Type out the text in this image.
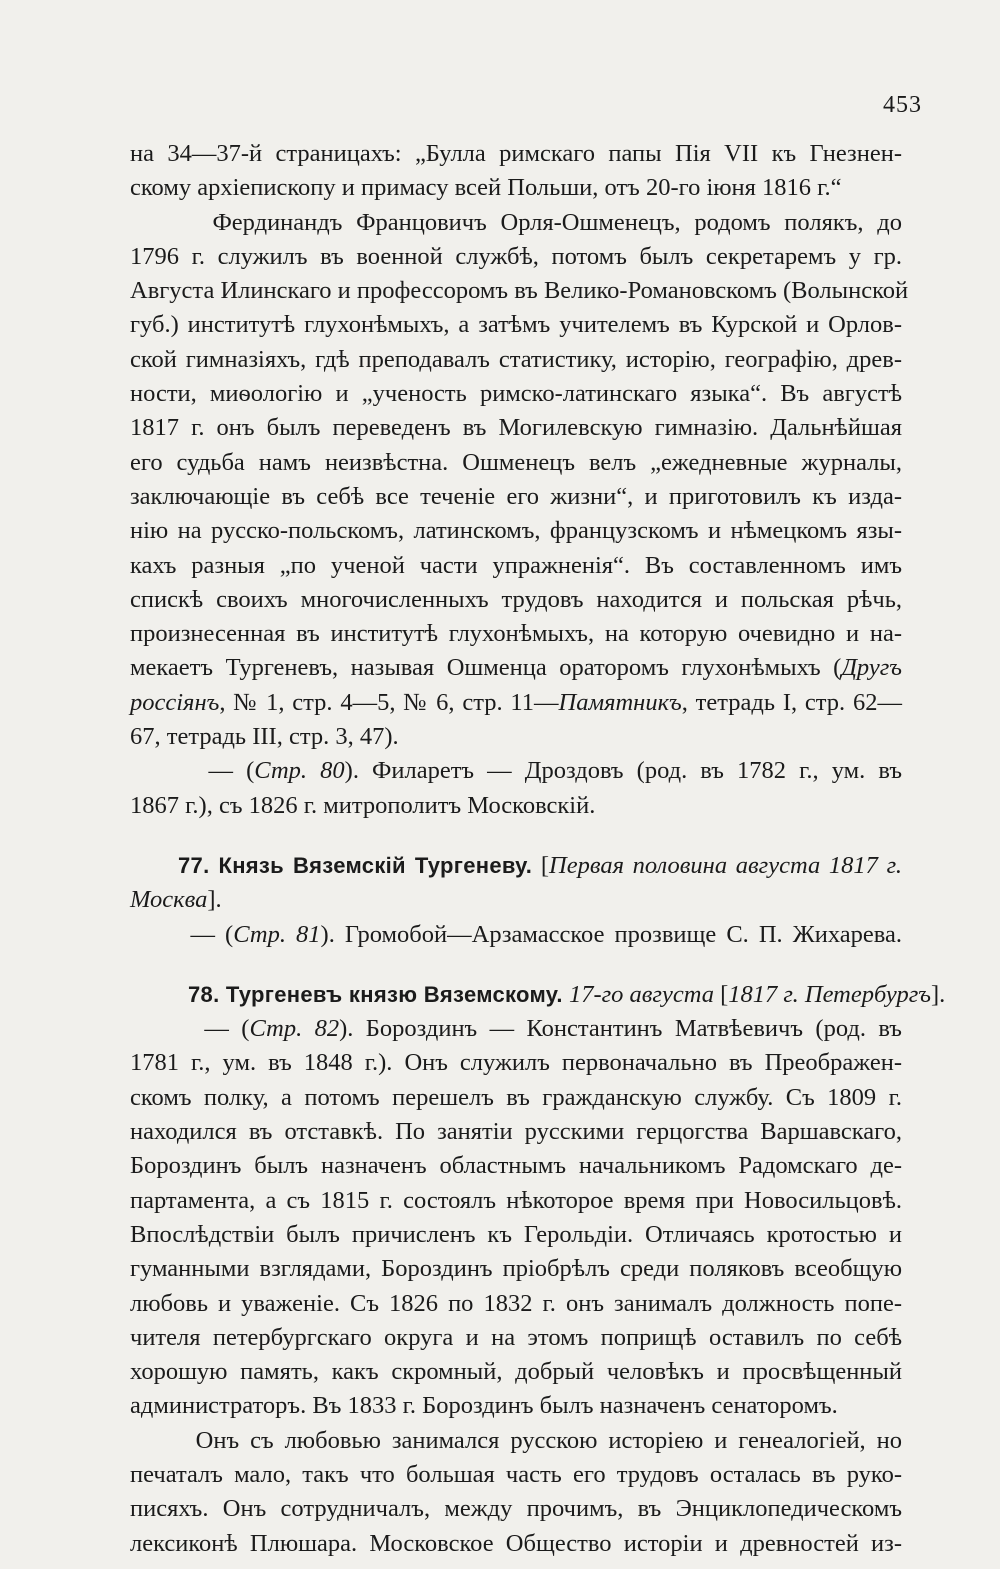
453
на 34—37-й страницахъ: „Булла римскаго папы Пія VII къ Гнезнен-
скому архіепископу и примасу всей Польши, отъ 20-го іюня 1816 г.“
Фердинандъ Францовичъ Орля-Ошменецъ, родомъ полякъ, до
1796 г. служилъ въ военной службѣ, потомъ былъ секретаремъ у гр.
Августа Илинскаго и профессоромъ въ Велико-Романовскомъ (Волынской
губ.) институтѣ глухонѣмыхъ, а затѣмъ учителемъ въ Курской и Орлов-
ской гимназіяхъ, гдѣ преподавалъ статистику, исторію, географію, древ-
ности, миѳологію и „ученость римско-латинскаго языка“. Въ августѣ
1817 г. онъ былъ переведенъ въ Могилевскую гимназію. Дальнѣйшая
его судьба намъ неизвѣстна. Ошменецъ велъ „ежедневные журналы,
заключающіе въ себѣ все теченіе его жизни“, и приготовилъ къ изда-
нію на русско-польскомъ, латинскомъ, французскомъ и нѣмецкомъ язы-
кахъ разныя „по ученой части упражненія“. Въ составленномъ имъ
спискѣ своихъ многочисленныхъ трудовъ находится и польская рѣчь,
произнесенная въ институтѣ глухонѣмыхъ, на которую очевидно и на-
мекаетъ Тургеневъ, называя Ошменца ораторомъ глухонѣмыхъ (Другъ
россіянъ, № 1, стр. 4—5, № 6, стр. 11—Памятникъ, тетрадь I, стр. 62—
67, тетрадь III, стр. 3, 47).
— (Стр. 80). Филаретъ — Дроздовъ (род. въ 1782 г., ум. въ
1867 г.), съ 1826 г. митрополитъ Московскій.
77. Князь Вяземскій Тургеневу. [Первая половина августа 1817 г.
Москва].
— (Стр. 81). Громобой—Арзамасское прозвище С. П. Жихарева.
78. Тургеневъ князю Вяземскому. 17-го августа [1817 г. Петербургъ].
— (Стр. 82). Бороздинъ — Константинъ Матвѣевичъ (род. въ
1781 г., ум. въ 1848 г.). Онъ служилъ первоначально въ Преображен-
скомъ полку, а потомъ перешелъ въ гражданскую службу. Съ 1809 г.
находился въ отставкѣ. По занятіи русскими герцогства Варшавскаго,
Бороздинъ былъ назначенъ областнымъ начальникомъ Радомскаго де-
партамента, а съ 1815 г. состоялъ нѣкоторое время при Новосильцовѣ.
Впослѣдствіи былъ причисленъ къ Герольдіи. Отличаясь кротостью и
гуманными взглядами, Бороздинъ пріобрѣлъ среди поляковъ всеобщую
любовь и уваженіе. Съ 1826 по 1832 г. онъ занималъ должность попе-
чителя петербургскаго округа и на этомъ поприщѣ оставилъ по себѣ
хорошую память, какъ скромный, добрый человѣкъ и просвѣщенный
администраторъ. Въ 1833 г. Бороздинъ былъ назначенъ сенаторомъ.
Онъ съ любовью занимался русскою исторіею и генеалогіей, но
печаталъ мало, такъ что большая часть его трудовъ осталась въ руко-
писяхъ. Онъ сотрудничалъ, между прочимъ, въ Энциклопедическомъ
лексиконѣ Плюшара. Московское Общество исторіи и древностей из-
